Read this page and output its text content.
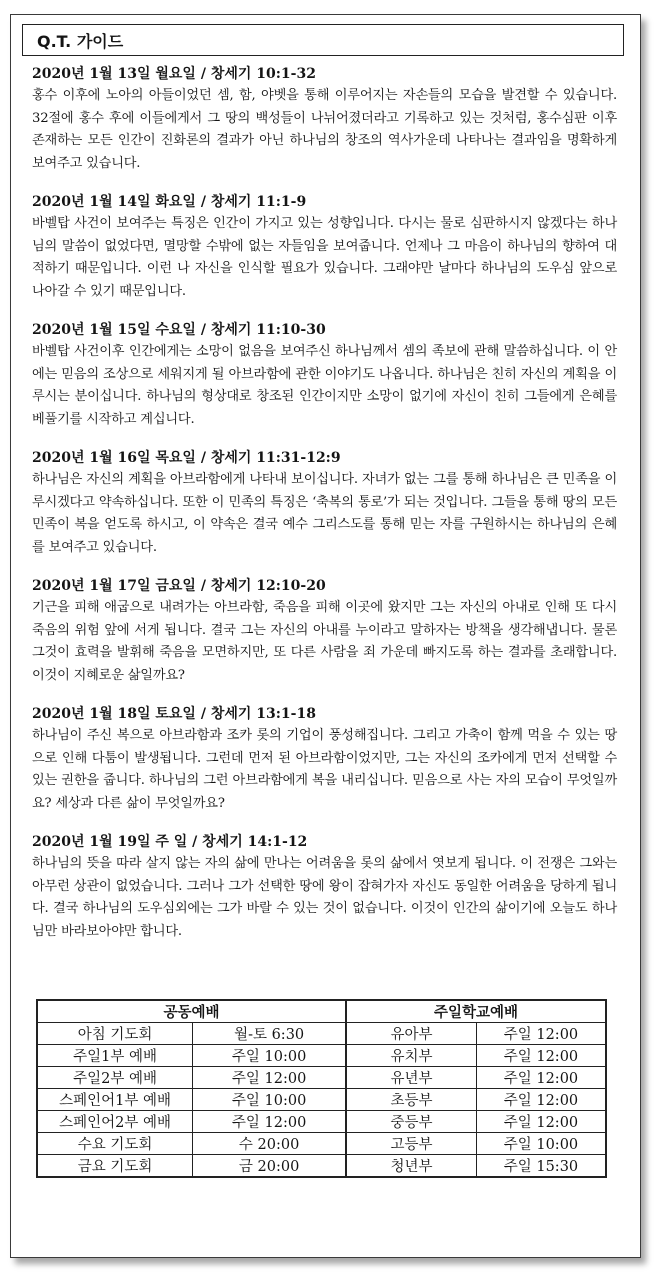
Q.T. 가이드
2020년 1월 13일 월요일 / 창세기 10:1-32
홍수 이후에 노아의 아들이었던 셈, 함, 야벳을 통해 이루어지는 자손들의 모습을 발견할 수 있습니다. 32절에 홍수 후에 이들에게서 그 땅의 백성들이 나뉘어졌더라고 기록하고 있는 것처럼, 홍수심판 이후 존재하는 모든 인간이 진화론의 결과가 아닌 하나님의 창조의 역사가운데 나타나는 결과임을 명확하게 보여주고 있습니다.
2020년 1월 14일 화요일 / 창세기 11:1-9
바벨탑 사건이 보여주는 특징은 인간이 가지고 있는 성향입니다. 다시는 물로 심판하시지 않겠다는 하나님의 말씀이 없었다면, 멸망할 수밖에 없는 자들임을 보여줍니다. 언제나 그 마음이 하나님의 향하여 대적하기 때문입니다. 이런 나 자신을 인식할 필요가 있습니다. 그래야만 날마다 하나님의 도우심 앞으로 나아갈 수 있기 때문입니다.
2020년 1월 15일 수요일 / 창세기 11:10-30
바벨탑 사건이후 인간에게는 소망이 없음을 보여주신 하나님께서 셈의 족보에 관해 말씀하십니다. 이 안에는 믿음의 조상으로 세워지게 될 아브라함에 관한 이야기도 나옵니다. 하나님은 친히 자신의 계획을 이루시는 분이십니다. 하나님의 형상대로 창조된 인간이지만 소망이 없기에 자신이 친히 그들에게 은혜를 베풀기를 시작하고 계십니다.
2020년 1월 16일 목요일 / 창세기 11:31-12:9
하나님은 자신의 계획을 아브라함에게 나타내 보이십니다. 자녀가 없는 그를 통해 하나님은 큰 민족을 이루시겠다고 약속하십니다. 또한 이 민족의 특징은 ‘축복의 통로’가 되는 것입니다. 그들을 통해 땅의 모든 민족이 복을 얻도록 하시고, 이 약속은 결국 예수 그리스도를 통해 믿는 자를 구원하시는 하나님의 은혜를 보여주고 있습니다.
2020년 1월 17일 금요일 / 창세기 12:10-20
기근을 피해 애굽으로 내려가는 아브라함, 죽음을 피해 이곳에 왔지만 그는 자신의 아내로 인해 또 다시 죽음의 위험 앞에 서게 됩니다. 결국 그는 자신의 아내를 누이라고 말하자는 방책을 생각해냅니다. 물론 그것이 효력을 발휘해 죽음을 모면하지만, 또 다른 사람을 죄 가운데 빠지도록 하는 결과를 초래합니다. 이것이 지혜로운 삶일까요?
2020년 1월 18일 토요일 / 창세기 13:1-18
하나님이 주신 복으로 아브라함과 조카 롯의 기업이 풍성해집니다. 그리고 가축이 함께 먹을 수 있는 땅으로 인해 다툼이 발생됩니다. 그런데 먼저 된 아브라함이었지만, 그는 자신의 조카에게 먼저 선택할 수 있는 권한을 줍니다. 하나님의 그런 아브라함에게 복을 내리십니다. 믿음으로 사는 자의 모습이 무엇일까요? 세상과 다른 삶이 무엇일까요?
2020년 1월 19일 주 일 / 창세기 14:1-12
하나님의 뜻을 따라 살지 않는 자의 삶에 만나는 어려움을 롯의 삶에서 엿보게 됩니다. 이 전쟁은 그와는 아무런 상관이 없었습니다. 그러나 그가 선택한 땅에 왕이 잡혀가자 자신도 동일한 어려움을 당하게 됩니다. 결국 하나님의 도우심외에는 그가 바랄 수 있는 것이 없습니다. 이것이 인간의 삶이기에 오늘도 하나님만 바라보아야만 합니다.
공동예배		주일학교예배	
아침 기도회	월-토 6:30	유아부	주일 12:00
주일1부 예배	주일 10:00	유치부	주일 12:00
주일2부 예배	주일 12:00	유년부	주일 12:00
스페인어1부 예배	주일 10:00	초등부	주일 12:00
스페인어2부 예배	주일 12:00	중등부	주일 12:00
수요 기도회	수 20:00	고등부	주일 10:00
금요 기도회	금 20:00	청년부	주일 15:30
